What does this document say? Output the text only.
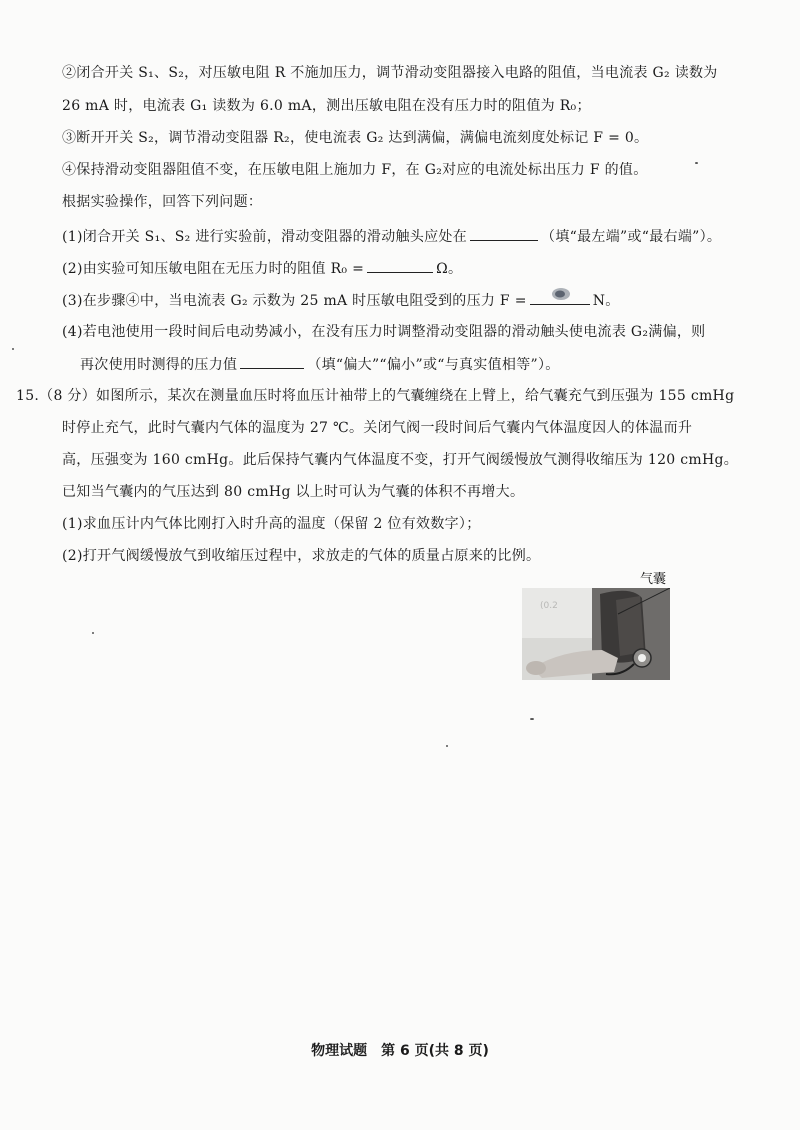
②闭合开关 S₁、S₂，对压敏电阻 R 不施加压力，调节滑动变阻器接入电路的阻值，当电流表 G₂ 读数为
26 mA 时，电流表 G₁ 读数为 6.0 mA，测出压敏电阻在没有压力时的阻值为 R₀；
③断开开关 S₂，调节滑动变阻器 R₂，使电流表 G₂ 达到满偏，满偏电流刻度处标记 F = 0。
④保持滑动变阻器阻值不变，在压敏电阻上施加力 F，在 G₂对应的电流处标出压力 F 的值。
根据实验操作，回答下列问题：
(1)闭合开关 S₁、S₂ 进行实验前，滑动变阻器的滑动触头应处在	（填“最左端”或“最右端”）。
(2)由实验可知压敏电阻在无压力时的阻值 R₀ =	Ω。
(3)在步骤④中，当电流表 G₂ 示数为 25 mA 时压敏电阻受到的压力 F =	N。
(4)若电池使用一段时间后电动势减小，在没有压力时调整滑动变阻器的滑动触头使电流表 G₂满偏，则
再次使用时测得的压力值	（填“偏大”“偏小”或“与真实值相等”）。
15.（8 分）如图所示，某次在测量血压时将血压计袖带上的气囊缠绕在上臂上，给气囊充气到压强为 155 cmHg
时停止充气，此时气囊内气体的温度为 27 ℃。关闭气阀一段时间后气囊内气体温度因人的体温而升
高，压强变为 160 cmHg。此后保持气囊内气体温度不变，打开气阀缓慢放气测得收缩压为 120 cmHg。
已知当气囊内的气压达到 80 cmHg 以上时可认为气囊的体积不再增大。
(1)求血压计内气体比刚打入时升高的温度（保留 2 位有效数字）；
(2)打开气阀缓慢放气到收缩压过程中，求放走的气体的质量占原来的比例。
气囊
(0.2
物理试题　第 6 页(共 8 页)
